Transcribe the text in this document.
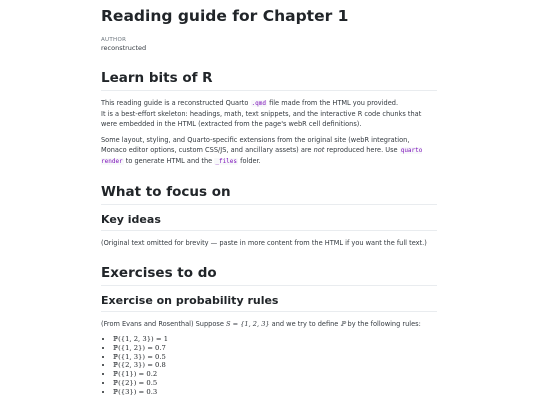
Reading guide for Chapter 1
AUTHOR
reconstructed
Learn bits of R

This reading guide is a reconstructed Quarto .qmd file made from the HTML you provided.
It is a best-effort skeleton: headings, math, text snippets, and the interactive R code chunks that were embedded in the HTML (extracted from the page's webR cell definitions).

Some layout, styling, and Quarto-specific extensions from the original site (webR integration, Monaco editor options, custom CSS/JS, and ancillary assets) are not reproduced here. Use quarto render to generate HTML and the _files folder.

What to focus on
Key ideas

(Original text omitted for brevity — paste in more content from the HTML if you want the full text.)

Exercises to do
Exercise on probability rules

(From Evans and Rosenthal) Suppose S = {1, 2, 3} and we try to define ℙ by the following rules:

• ℙ({1, 2, 3}) = 1
• ℙ({1, 2}) = 0.7
• ℙ({1, 3}) = 0.5
• ℙ({2, 3}) = 0.8
• ℙ({1}) = 0.2
• ℙ({2}) = 0.5
• ℙ({3}) = 0.3
